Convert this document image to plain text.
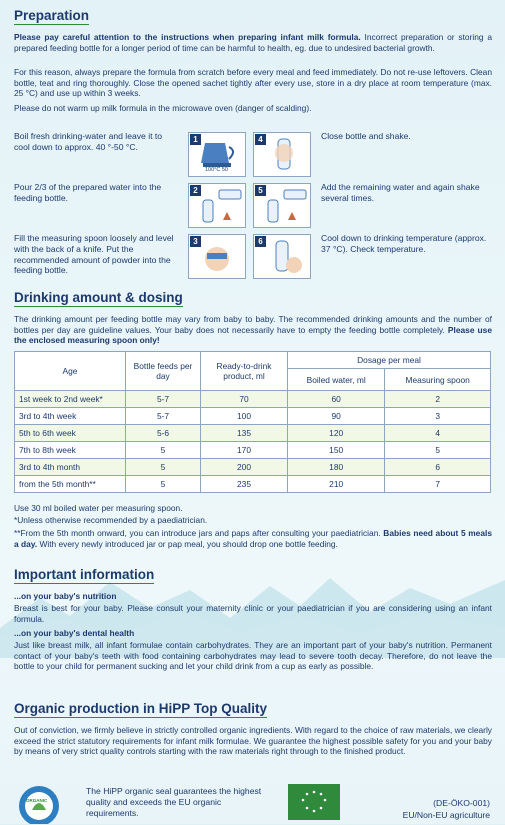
Preparation
Please pay careful attention to the instructions when preparing infant milk formula. Incorrect preparation or storing a prepared feeding bottle for a longer period of time can be harmful to health, eg. due to undesired bacterial growth.
For this reason, always prepare the formula from scratch before every meal and feed immediately. Do not re-use leftovers. Clean bottle, teat and ring thoroughly. Close the opened sachet tightly after every use, store in a dry place at room temperature (max. 25 °C) and use up within 3 weeks.
Please do not warm up milk formula in the microwave oven (danger of scalding).
Boil fresh drinking-water and leave it to cool down to approx. 40 °-50 °C.
Pour 2/3 of the prepared water into the feeding bottle.
Fill the measuring spoon loosely and level with the back of a knife. Put the recommended amount of powder into the feeding bottle.
Close bottle and shake.
Add the remaining water and again shake several times.
Cool down to drinking temperature (approx. 37 °C). Check temperature.
1
100°C 50
2
3
4
5
6
Drinking amount & dosing
The drinking amount per feeding bottle may vary from baby to baby. The recommended drinking amounts and the number of bottles per day are guideline values. Your baby does not necessarily have to empty the feeding bottle completely. Please use the enclosed measuring spoon only!
Age	Bottle feeds per day	Ready-to-drink product, ml	Dosage per meal	
			Boiled water, ml	Measuring spoon
1st week to 2nd week*	5-7	70	60	2
3rd to 4th week	5-7	100	90	3
5th to 6th week	5-6	135	120	4
7th to 8th week	5	170	150	5
3rd to 4th month	5	200	180	6
from the 5th month**	5	235	210	7
Use 30 ml boiled water per measuring spoon.
*Unless otherwise recommended by a paediatrician.
**From the 5th month onward, you can introduce jars and paps after consulting your paediatrician. Babies need about 5 meals a day. With every newly introduced jar or pap meal, you should drop one bottle feeding.
Important information
...on your baby's nutrition
Breast is best for your baby. Please consult your maternity clinic or your paediatrician if you are considering using an infant formula.
...on your baby's dental health
Just like breast milk, all infant formulae contain carbohydrates. They are an important part of your baby's nutrition. Permanent contact of your baby's teeth with food containing carbohydrates may lead to severe tooth decay. Therefore, do not leave the bottle to your child for permanent sucking and let your child drink from a cup as early as possible.
Organic production in HiPP Top Quality
Out of conviction, we firmly believe in strictly controlled organic ingredients. With regard to the choice of raw materials, we clearly exceed the strict statutory requirements for infant milk formulae. We guarantee the highest possible safety for you and your baby by means of very strict quality controls starting with the raw materials right through to the finished product.
ORGANIC
The HiPP organic seal guarantees the highest quality and exceeds the EU organic requirements.
(DE-ÖKO-001)
EU/Non-EU agriculture
